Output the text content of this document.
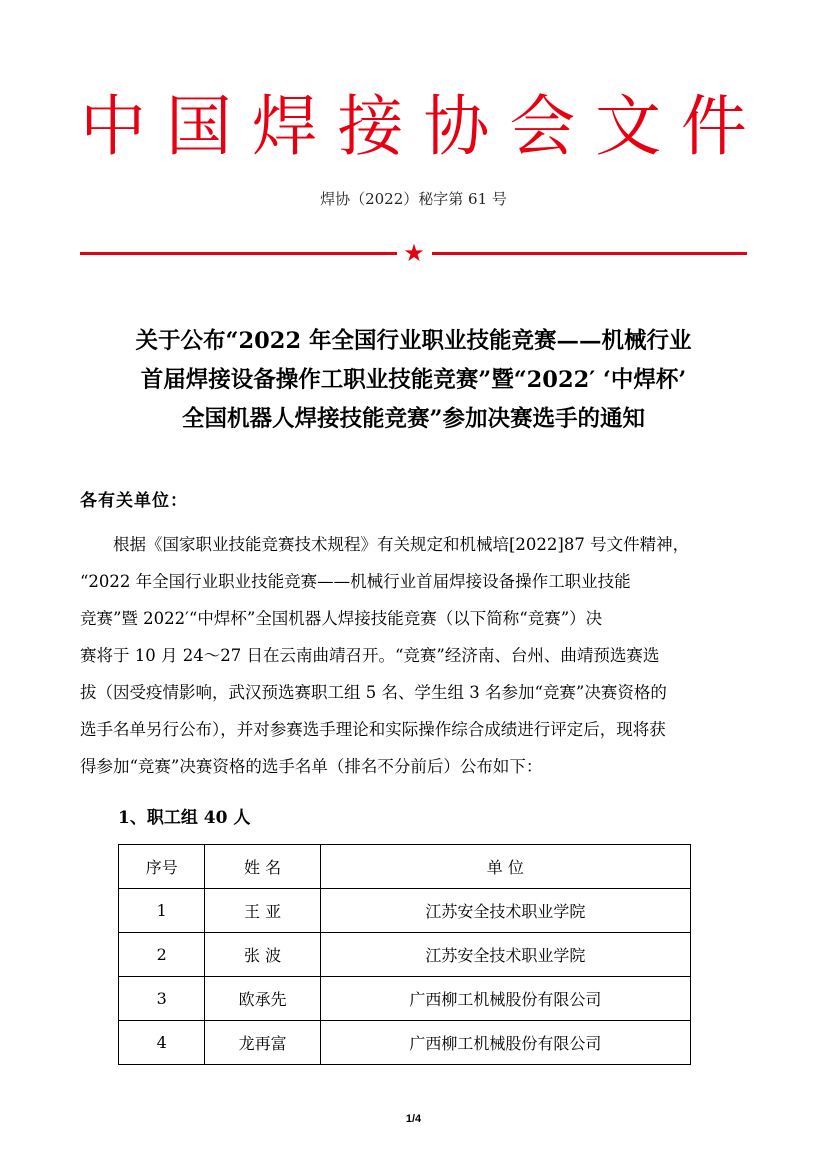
中 国 焊 接 协 会 文 件
焊协（2022）秘字第 61 号
★
关于公布“2022 年全国行业职业技能竞赛——机械行业
首届焊接设备操作工职业技能竞赛”暨“2022′ ‘中焊杯’
全国机器人焊接技能竞赛”参加决赛选手的通知
各有关单位：
　　根据《国家职业技能竞赛技术规程》有关规定和机械培[2022]87 号文件精神，
“2022 年全国行业职业技能竞赛——机械行业首届焊接设备操作工职业技能
竞赛”暨 2022′“中焊杯”全国机器人焊接技能竞赛（以下简称“竞赛”）决
赛将于 10 月 24～27 日在云南曲靖召开。“竞赛”经济南、台州、曲靖预选赛选
拔（因受疫情影响，武汉预选赛职工组 5 名、学生组 3 名参加“竞赛”决赛资格的
选手名单另行公布），并对参赛选手理论和实际操作综合成绩进行评定后，现将获
得参加“竞赛”决赛资格的选手名单（排名不分前后）公布如下：
1、职工组 40 人
序号	姓 名	单 位
1	王 亚	江苏安全技术职业学院
2	张 波	江苏安全技术职业学院
3	欧承先	广西柳工机械股份有限公司
4	龙再富	广西柳工机械股份有限公司
1/4
